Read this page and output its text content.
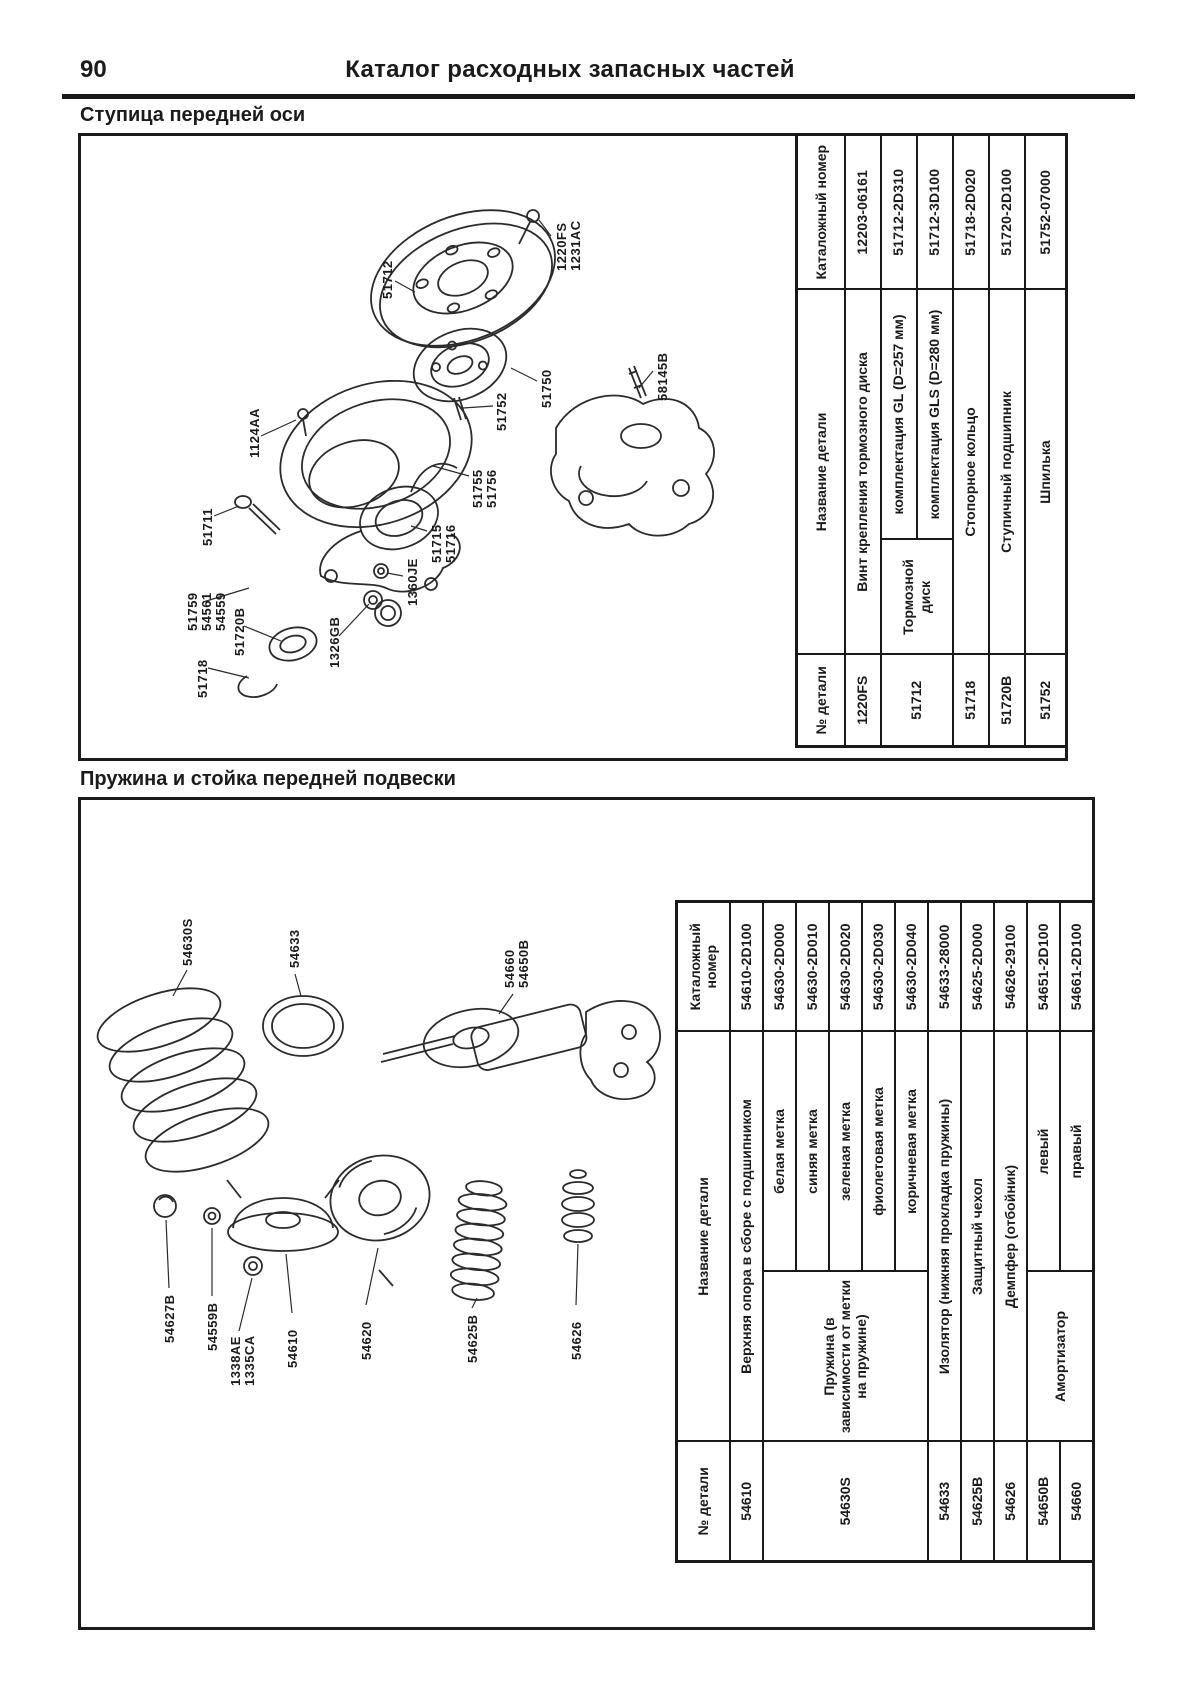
90	Каталог расходных запасных частей
Ступица передней оси
51712
1220FS 1231AC
1124AA
51755 51756
51752
51750	58145B
51711	51715 51716
1360JE
51759 54561 54559 51720B	1326GB
51718	№ детали	Название детали		Каталожный номер
1220FS	Винт крепления тормозного диска		12203-06161
51712	Тормозной диск	комплектация GL (D=257 мм)	51712-2D310
		комплектация GLS (D=280 мм)	51712-3D100
51718	Стопорное кольцо		51718-2D020
51720B	Ступичный подшипник		51720-2D100
51752	Шпилька		51752-07000
Пружина и стойка передней подвески
54630S	54633
54660 54650B
54627B 54559B
1338AE 1335CA 54610	54620	54625B	54626
№ детали	Название детали		Каталожный номер
54610	Верхняя опора в сборе с подшипником		54610-2D100
54630S	Пружина (в зависимости от метки на пружине)	белая метка	54630-2D000
		синяя метка	54630-2D010
		зеленая метка	54630-2D020
		фиолетовая метка	54630-2D030
		коричневая метка	54630-2D040
54633	Изолятор (нижняя прокладка пружины)		54633-28000
54625B	Защитный чехол		54625-2D000
54626	Демпфер (отбойник)		54626-29100
54650B	Амортизатор	левый	54651-2D100
54660		правый	54661-2D100
